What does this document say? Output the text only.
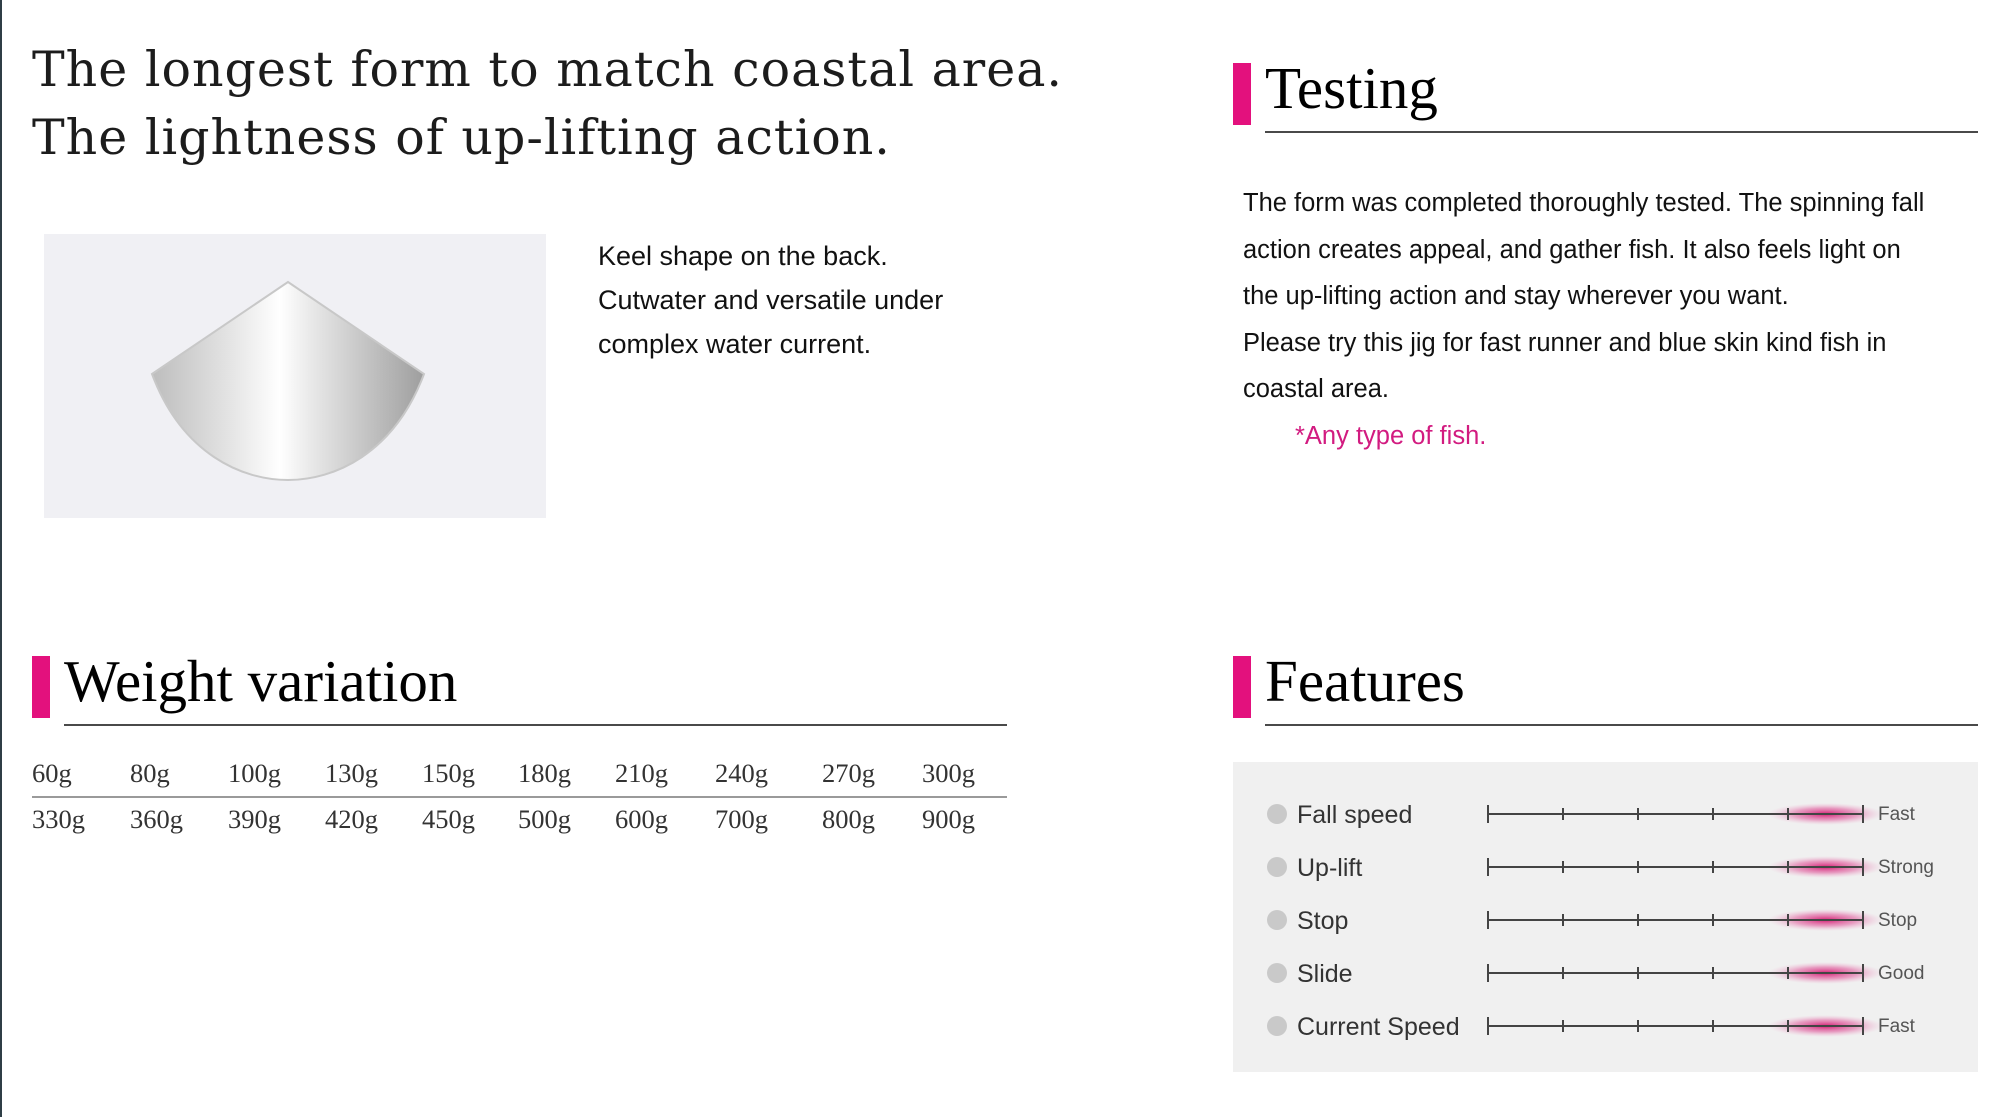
The longest form to match coastal area.
The lightness of up-lifting action.
Keel shape on the back.
Cutwater and versatile under
complex water current.
Testing
The form was completed thoroughly tested. The spinning fall
action creates appeal, and gather fish. It also feels light on
the up-lifting action and stay wherever you want.
Please try this jig for fast runner and blue skin kind fish in
coastal area.
*Any type of fish.
Weight variation
60g 80g 100g 130g 150g 180g 210g 240g 270g 300g
330g 360g 390g 420g 450g 500g 600g 700g 800g 900g
Features
Fall speed	Fast
Up-lift	Strong
Stop	Stop
Slide	Good
Current Speed	Fast
